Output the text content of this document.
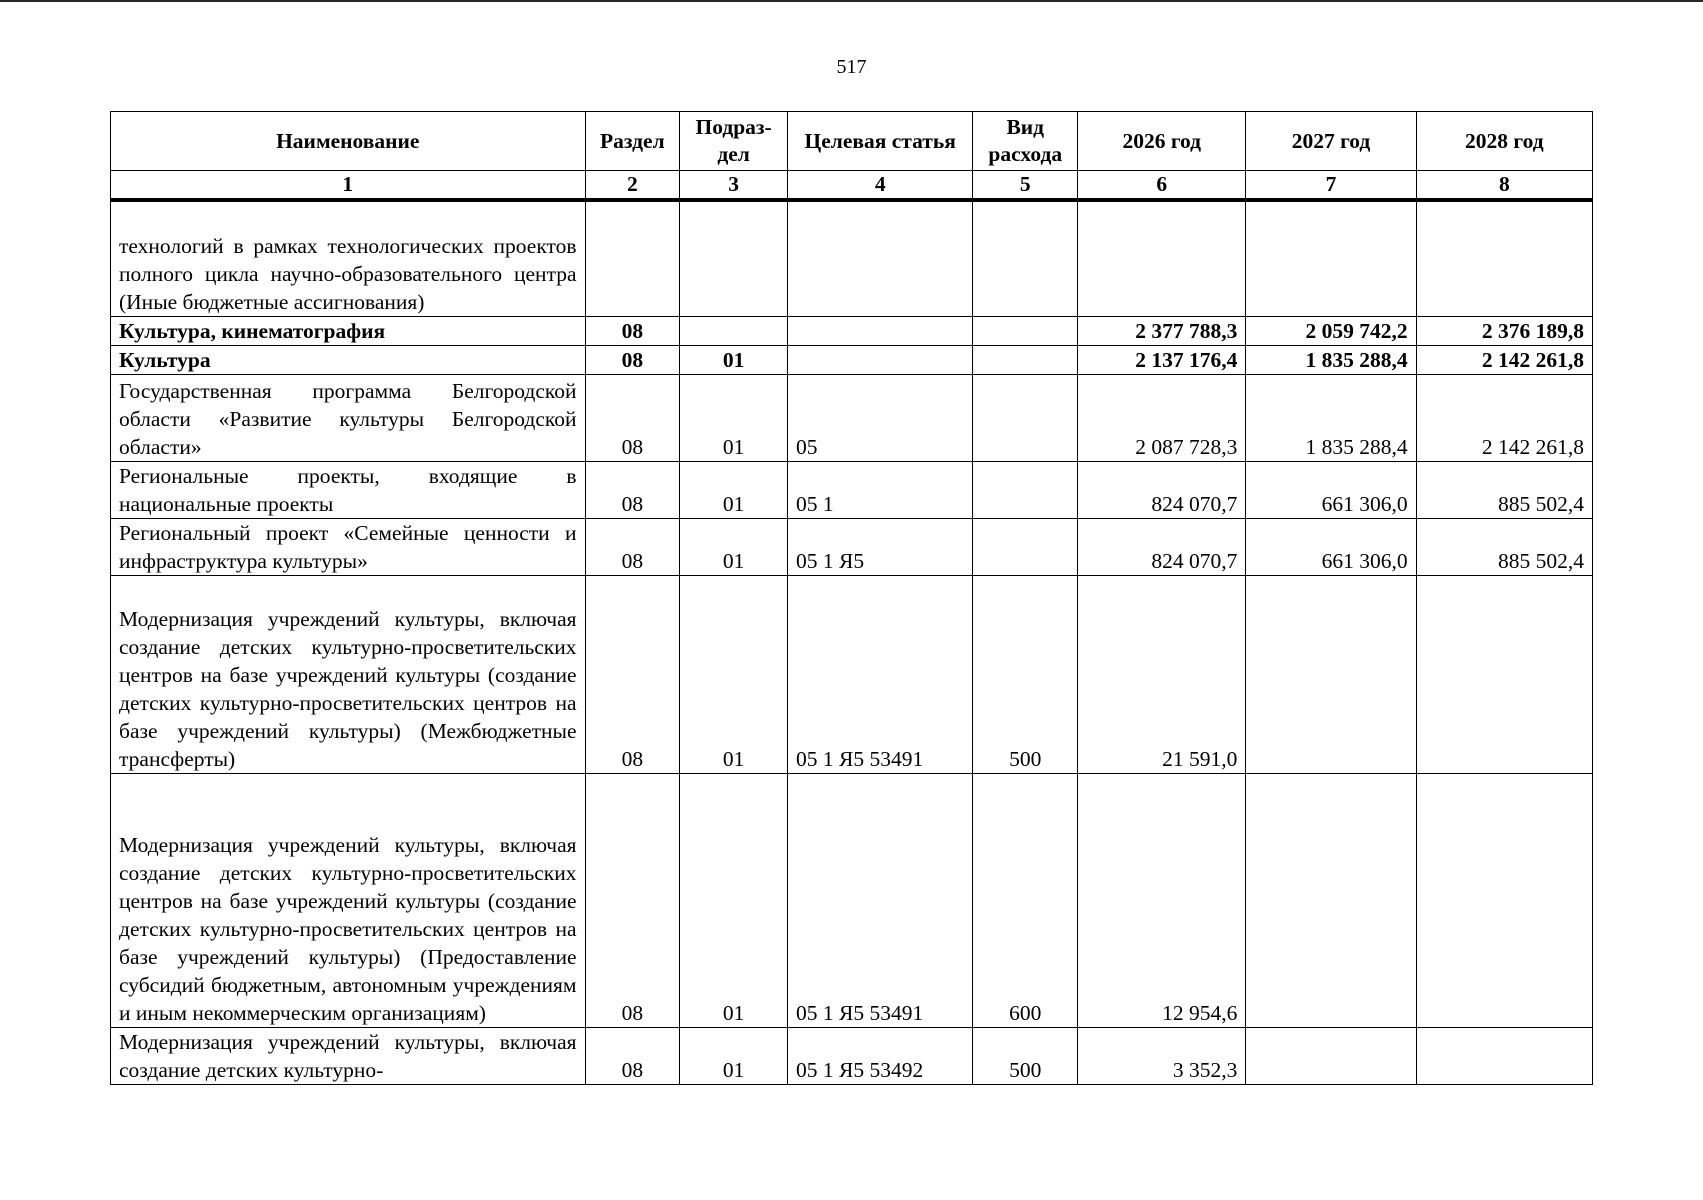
517
Наименование	Раздел	Подраз-дел	Целевая статья	Вид расхода	2026 год	2027 год	2028 год
1	2	3	4	5	6	7	8
технологий в рамках технологических проектов полного цикла научно-образовательного центра (Иные бюджетные ассигнования)							
Культура, кинематография	08				2 377 788,3	2 059 742,2	2 376 189,8
Культура	08	01			2 137 176,4	1 835 288,4	2 142 261,8
Государственная программа Белгородской области «Развитие культуры Белгородской области»	08	01	05		2 087 728,3	1 835 288,4	2 142 261,8
Региональные проекты, входящие в национальные проекты	08	01	05 1		824 070,7	661 306,0	885 502,4
Региональный проект «Семейные ценности и инфраструктура культуры»	08	01	05 1 Я5		824 070,7	661 306,0	885 502,4
Модернизация учреждений культуры, включая создание детских культурно-просветительских центров на базе учреждений культуры (создание детских культурно-просветительских центров на базе учреждений культуры) (Межбюджетные трансферты)	08	01	05 1 Я5 53491	500	21 591,0		
Модернизация учреждений культуры, включая создание детских культурно-просветительских центров на базе учреждений культуры (создание детских культурно-просветительских центров на базе учреждений культуры) (Предоставление субсидий бюджетным, автономным учреждениям и иным некоммерческим организациям)	08	01	05 1 Я5 53491	600	12 954,6		
Модернизация учреждений культуры, включая создание детских культурно-	08	01	05 1 Я5 53492	500	3 352,3		
